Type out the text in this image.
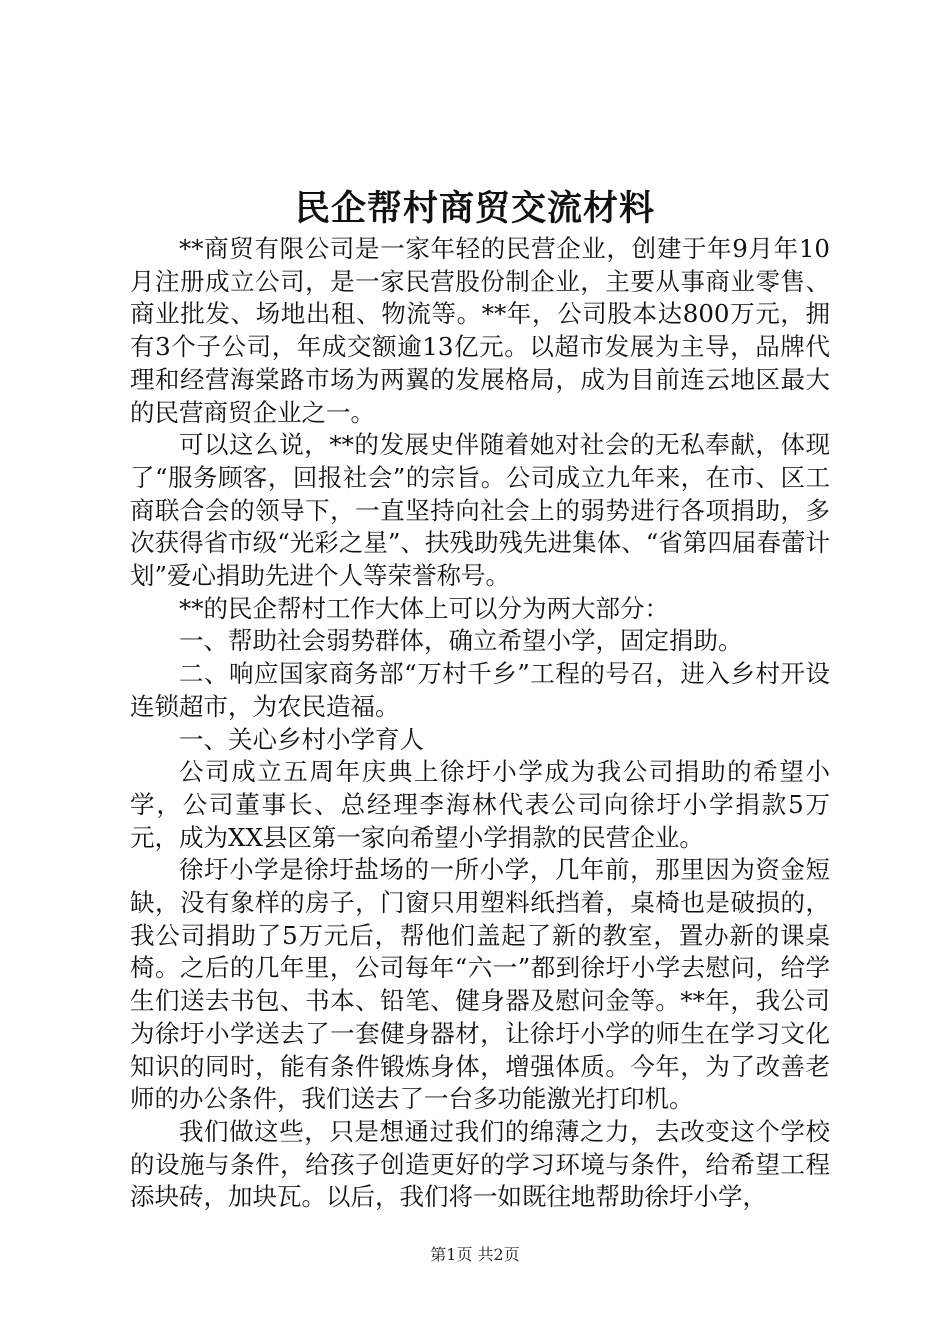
民企帮村商贸交流材料

**商贸有限公司是一家年轻的民营企业，创建于年9月年10月注册成立公司，是一家民营股份制企业，主要从事商业零售、商业批发、场地出租、物流等。**年，公司股本达800万元，拥有3个子公司，年成交额逾13亿元。以超市发展为主导，品牌代理和经营海棠路市场为两翼的发展格局，成为目前连云地区最大的民营商贸企业之一。

可以这么说，**的发展史伴随着她对社会的无私奉献，体现了“服务顾客，回报社会”的宗旨。公司成立九年来，在市、区工商联合会的领导下，一直坚持向社会上的弱势进行各项捐助，多次获得省市级“光彩之星”、扶残助残先进集体、“省第四届春蕾计划”爱心捐助先进个人等荣誉称号。

**的民企帮村工作大体上可以分为两大部分：

一、帮助社会弱势群体，确立希望小学，固定捐助。

二、响应国家商务部“万村千乡”工程的号召，进入乡村开设连锁超市，为农民造福。

一、关心乡村小学育人

公司成立五周年庆典上徐圩小学成为我公司捐助的希望小学，公司董事长、总经理李海林代表公司向徐圩小学捐款5万元，成为XX县区第一家向希望小学捐款的民营企业。

徐圩小学是徐圩盐场的一所小学，几年前，那里因为资金短缺，没有象样的房子，门窗只用塑料纸挡着，桌椅也是破损的，我公司捐助了5万元后，帮他们盖起了新的教室，置办新的课桌椅。之后的几年里，公司每年“六一”都到徐圩小学去慰问，给学生们送去书包、书本、铅笔、健身器及慰问金等。**年，我公司为徐圩小学送去了一套健身器材，让徐圩小学的师生在学习文化知识的同时，能有条件锻炼身体，增强体质。今年，为了改善老师的办公条件，我们送去了一台多功能激光打印机。

我们做这些，只是想通过我们的绵薄之力，去改变这个学校的设施与条件，给孩子创造更好的学习环境与条件，给希望工程添块砖，加块瓦。以后，我们将一如既往地帮助徐圩小学，

第1页 共2页
